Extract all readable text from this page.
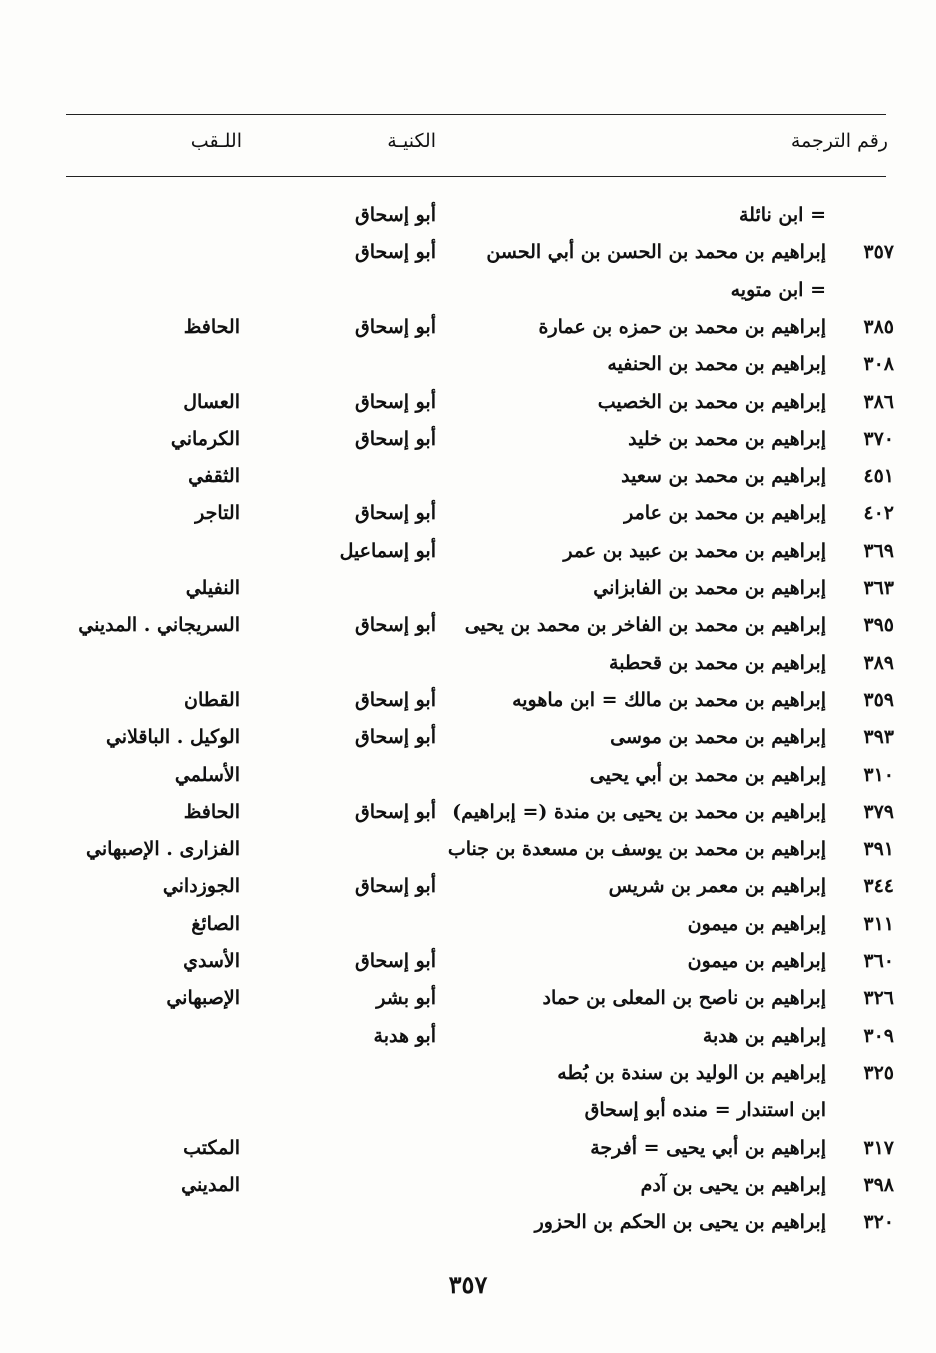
رقم الترجمة
الكنيـة
اللـقب
= ابن نائلة
أبو إسحاق
٣٥٧
إبراهيم بن محمد بن الحسن بن أبي الحسن
أبو إسحاق
= ابن متويه
٣٨٥
إبراهيم بن محمد بن حمزه بن عمارة
أبو إسحاق
الحافظ
٣٠٨
إبراهيم بن محمد بن الحنفيه
٣٨٦
إبراهيم بن محمد بن الخصيب
أبو إسحاق
العسال
٣٧٠
إبراهيم بن محمد بن خليد
أبو إسحاق
الكرماني
٤٥١
إبراهيم بن محمد بن سعيد
الثقفي
٤٠٢
إبراهيم بن محمد بن عامر
أبو إسحاق
التاجر
٣٦٩
إبراهيم بن محمد بن عبيد بن عمر
أبو إسماعيل
٣٦٣
إبراهيم بن محمد بن الفابزاني
النفيلي
٣٩٥
إبراهيم بن محمد بن الفاخر بن محمد بن يحيى
أبو إسحاق
السريجاني . المديني
٣٨٩
إبراهيم بن محمد بن قحطبة
٣٥٩
إبراهيم بن محمد بن مالك = ابن ماهويه
أبو إسحاق
القطان
٣٩٣
إبراهيم بن محمد بن موسى
أبو إسحاق
الوكيل . الباقلاني
٣١٠
إبراهيم بن محمد بن أبي يحيى
الأسلمي
٣٧٩
إبراهيم بن محمد بن يحيى بن مندة (= إبراهيم)
أبو إسحاق
الحافظ
٣٩١
إبراهيم بن محمد بن يوسف بن مسعدة بن جناب
الفزارى . الإصبهاني
٣٤٤
إبراهيم بن معمر بن شريس
أبو إسحاق
الجوزداني
٣١١
إبراهيم بن ميمون
الصائغ
٣٦٠
إبراهيم بن ميمون
أبو إسحاق
الأسدي
٣٢٦
إبراهيم بن ناصح بن المعلى بن حماد
أبو بشر
الإصبهاني
٣٠٩
إبراهيم بن هدبة
أبو هدبة
٣٢٥
إبراهيم بن الوليد بن سندة بن بُطه
ابن استندار = منده أبو إسحاق
٣١٧
إبراهيم بن أبي يحيى = أفرجة
المكتب
٣٩٨
إبراهيم بن يحيى بن آدم
المديني
٣٢٠
إبراهيم بن يحيى بن الحكم بن الحزور
٣٥٧
